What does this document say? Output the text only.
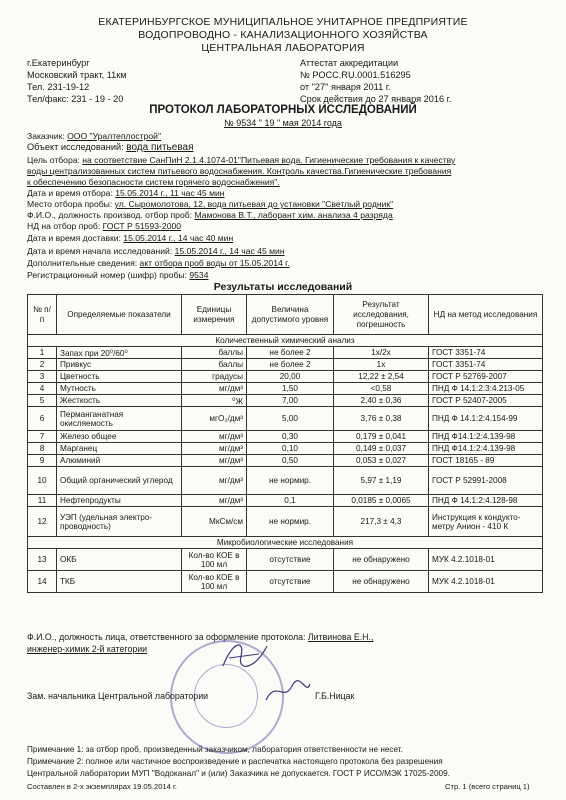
ЕКАТЕРИНБУРГСКОЕ МУНИЦИПАЛЬНОЕ УНИТАРНОЕ ПРЕДПРИЯТИЕ
ВОДОПРОВОДНО - КАНАЛИЗАЦИОННОГО ХОЗЯЙСТВА
ЦЕНТРАЛЬНАЯ ЛАБОРАТОРИЯ
г.Екатеринбург
Московский тракт, 11км
Тел. 231-19-12
Тел/факс: 231 - 19 - 20
Аттестат аккредитации
№ РОСС.RU.0001.516295
от "27" января 2011 г.
Срок действия до 27 января 2016 г.
ПРОТОКОЛ ЛАБОРАТОРНЫХ ИССЛЕДОВАНИЙ
№ 9534 " 19 " мая 2014 года
Заказчик: ООО "Уралтеплострой"
Объект исследований: вода питьевая
Цель отбора: на соответствие СанПиН 2.1.4.1074-01"Питьевая вода. Гигиенические требования к качеству
воды централизованных систем питьевого водоснабжения. Контроль качества.Гигиенические требования
к обеспечению безопасности систем горячего водоснабжения".
Дата и время отбора: 15.05.2014 г., 11 час 45 мин
Место отбора пробы: ул. Сыромолотова, 12, вода питьевая до установки "Светлый родник"
Ф.И.О., должность производ. отбор проб: Мамонова В.Т., лаборант хим. анализа 4 разряда
НД на отбор проб: ГОСТ Р 51593-2000
Дата и время доставки: 15.05.2014 г., 14 час 40 мин
Дата и время начала исследований: 15.05.2014 г., 14 час 45 мин
Дополнительные сведения: акт отбора проб воды от 15.05.2014 г.
Регистрационный номер (шифр) пробы: 9534
Результаты исследований
№ п/п	Определяемые показатели	Единицы измерения	Величина допустимого уровня	Результат исследования, погрешность	НД на метод исследования
Количественный химический анализ					
1	Запах при 20⁰/60⁰	баллы	не более 2	1х/2х	ГОСТ 3351-74
2	Привкус	баллы	не более 2	1х	ГОСТ 3351-74
3	Цветность	градусы	20,00	12,22 ± 2,54	ГОСТ Р 52769-2007
4	Мутность	мг/дм³	1,50	<0,58	ПНД Ф 14.1:2:3:4.213-05
5	Жесткость	⁰Ж	7,00	2,40 ± 0,36	ГОСТ Р 52407-2005
6	Перманганатная окисляемость	мгО₂/дм³	5,00	3,76 ± 0,38	ПНД Ф 14.1:2:4.154-99
7	Железо общее	мг/дм³	0,30	0,179 ± 0,041	ПНД Ф14.1:2:4.139-98
8	Марганец	мг/дм³	0,10	0,149 ± 0,037	ПНД Ф14.1:2:4.139-98
9	Алюминий	мг/дм³	0,50	0,053 ± 0,027	ГОСТ 18165 - 89
10	Общий органический углерод	мг/дм³	не нормир.	5,97 ± 1,19	ГОСТ Р 52991-2008
11	Нефтепродукты	мг/дм³	0,1	0,0185 ± 0,0065	ПНД Ф 14.1:2:4.128-98
12	УЭП (удельная электро-проводность)	МкСм/см	не нормир.	217,3 ± 4,3	Инструкция к кондукто-метру Анион - 410 К
Микробиологические исследования					
13	ОКБ	Кол-во КОЕ в 100 мл	отсутствие	не обнаружено	МУК 4.2.1018-01
14	ТКБ	Кол-во КОЕ в 100 мл	отсутствие	не обнаружено	МУК 4.2.1018-01
Ф.И.О., должность лица, ответственного за оформление протокола: Литвинова Е.Н.,
инженер-химик 2-й категории
Зам. начальника Центральной лаборатории	Г.Б.Ницак
Примечание 1: за отбор проб, произведенный заказчиком, лаборатория ответственности не несет.
Примечание 2: полное или частичное воспроизведение и распечатка настоящего протокола без разрешения
Центральной лаборатории МУП "Водоканал" и (или) Заказчика не допускается. ГОСТ Р ИСО/МЭК 17025-2009.
Составлен в 2-х экземплярах 19.05.2014 г.	Стр. 1 (всего страниц 1)
